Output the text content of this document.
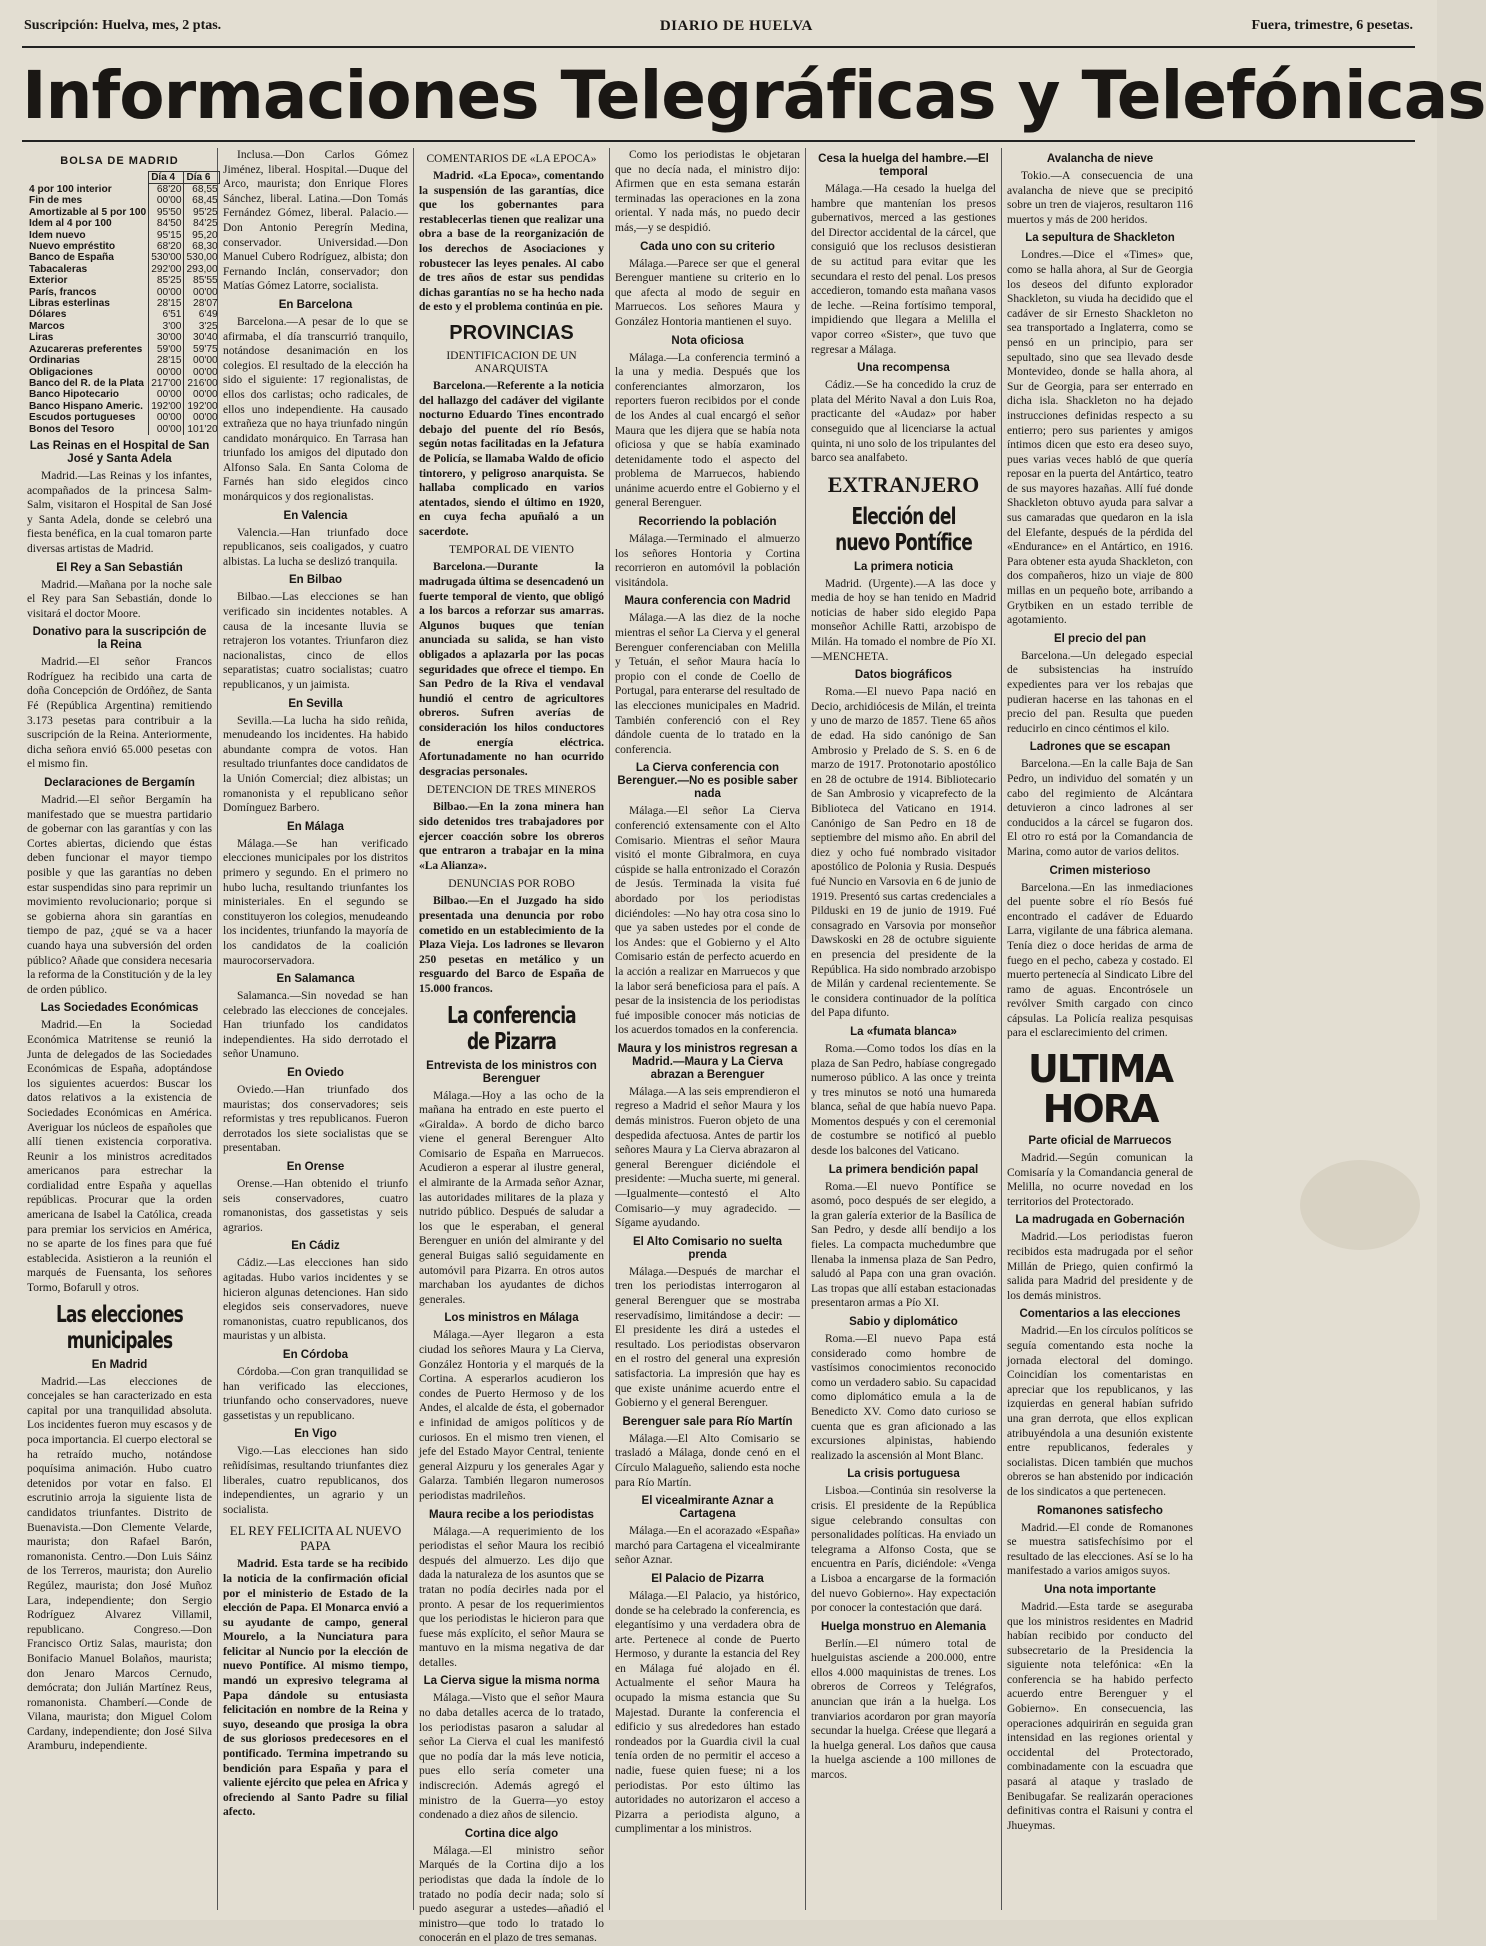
Suscripción: Huelva, mes, 2 ptas.	DIARIO DE HUELVA	Fuera, trimestre, 6 pesetas.
Informaciones Telegráficas y Telefónicas
BOLSA DE MADRID
	Día 4	Día 6
4 por 100 interior	68'20	68,55
Fin de mes	00'00	68,45
Amortizable al 5 por 100	95'50	95'25
Idem al 4 por 100	84'50	84'25
Idem nuevo	95'15	95,20
Nuevo empréstito	68'20	68,30
Banco de España	530'00	530,00
Tabacaleras	292'00	293,00
Exterior	85'25	85'55
París, francos	00'00	00'00
Libras esterlinas	28'15	28'07
Dólares	6'51	6'49
Marcos	3'00	3'25
Liras	30'00	30'40
Azucareras preferentes	59'00	59'75
Ordinarias	28'15	00'00
Obligaciones	00'00	00'00
Banco del R. de la Plata	217'00	216'00
Banco Hipotecario	00'00	00'00
Banco Hispano Americ.	192'00	192'00
Escudos portugueses	00'00	00'00
Bonos del Tesoro	00'00	101'20
Las Reinas en el Hospital de San José y Santa Adela

Madrid.—Las Reinas y los infantes, acompañados de la princesa Salm-Salm, visitaron el Hospital de San José y Santa Adela, donde se celebró una fiesta benéfica, en la cual tomaron parte diversas artistas de Madrid.

El Rey a San Sebastián

Madrid.—Mañana por la noche sale el Rey para San Sebastián, donde lo visitará el doctor Moore.

Donativo para la suscripción de la Reina

Madrid.—El señor Francos Rodríguez ha recibido una carta de doña Concepción de Ordóñez, de Santa Fé (República Argentina) remitiendo 3.173 pesetas para contribuir a la suscripción de la Reina. Anteriormente, dicha señora envió 65.000 pesetas con el mismo fin.

Declaraciones de Bergamín

Madrid.—El señor Bergamín ha manifestado que se muestra partidario de gobernar con las garantías y con las Cortes abiertas, diciendo que éstas deben funcionar el mayor tiempo posible y que las garantías no deben estar suspendidas sino para reprimir un movimiento revolucionario; porque si se gobierna ahora sin garantías en tiempo de paz, ¿qué se va a hacer cuando haya una subversión del orden público? Añade que considera necesaria la reforma de la Constitución y de la ley de orden público.

Las Sociedades Económicas

Madrid.—En la Sociedad Económica Matritense se reunió la Junta de delegados de las Sociedades Económicas de España, adoptándose los siguientes acuerdos: Buscar los datos relativos a la existencia de Sociedades Económicas en América. Averiguar los núcleos de españoles que allí tienen existencia corporativa. Reunir a los ministros acreditados americanos para estrechar la cordialidad entre España y aquellas repúblicas. Procurar que la orden americana de Isabel la Católica, creada para premiar los servicios en América, no se aparte de los fines para que fué establecida. Asistieron a la reunión el marqués de Fuensanta, los señores Tormo, Bofarull y otros.

Las elecciones municipales
En Madrid

Madrid.—Las elecciones de concejales se han caracterizado en esta capital por una tranquilidad absoluta. Los incidentes fueron muy escasos y de poca importancia. El cuerpo electoral se ha retraído mucho, notándose poquísima animación. Hubo cuatro detenidos por votar en falso. El escrutinio arroja la siguiente lista de candidatos triunfantes. Distrito de Buenavista.—Don Clemente Velarde, maurista; don Rafael Barón, romanonista. Centro.—Don Luis Sáinz de los Terreros, maurista; don Aurelio Regúlez, maurista; don José Muñoz Lara, independiente; don Sergio Rodríguez Alvarez Villamil, republicano. Congreso.—Don Francisco Ortiz Salas, maurista; don Bonifacio Manuel Bolaños, maurista; don Jenaro Marcos Cernudo, demócrata; don Julián Martínez Reus, romanonista. Chamberí.—Conde de Vilana, maurista; don Miguel Colom Cardany, independiente; don José Silva Aramburu, independiente.

Inclusa.—Don Carlos Gómez Jiménez, liberal. Hospital.—Duque del Arco, maurista; don Enrique Flores Sánchez, liberal. Latina.—Don Tomás Fernández Gómez, liberal. Palacio.—Don Antonio Peregrín Medina, conservador. Universidad.—Don Manuel Cubero Rodríguez, albista; don Fernando Inclán, conservador; don Matías Gómez Latorre, socialista.

En Barcelona

Barcelona.—A pesar de lo que se afirmaba, el día transcurrió tranquilo, notándose desanimación en los colegios. El resultado de la elección ha sido el siguiente: 17 regionalistas, de ellos dos carlistas; ocho radicales, de ellos uno independiente. Ha causado extrañeza que no haya triunfado ningún candidato monárquico. En Tarrasa han triunfado los amigos del diputado don Alfonso Sala. En Santa Coloma de Farnés han sido elegidos cinco monárquicos y dos regionalistas.

En Valencia

Valencia.—Han triunfado doce republicanos, seis coaligados, y cuatro albistas. La lucha se deslizó tranquila.

En Bilbao

Bilbao.—Las elecciones se han verificado sin incidentes notables. A causa de la incesante lluvia se retrajeron los votantes. Triunfaron diez nacionalistas, cinco de ellos separatistas; cuatro socialistas; cuatro republicanos, y un jaimista.

En Sevilla

Sevilla.—La lucha ha sido reñida, menudeando los incidentes. Ha habido abundante compra de votos. Han resultado triunfantes doce candidatos de la Unión Comercial; diez albistas; un romanonista y el republicano señor Domínguez Barbero.

En Málaga

Málaga.—Se han verificado elecciones municipales por los distritos primero y segundo. En el primero no hubo lucha, resultando triunfantes los ministeriales. En el segundo se constituyeron los colegios, menudeando los incidentes, triunfando la mayoría de los candidatos de la coalición maurocorservadora.

En Salamanca

Salamanca.—Sin novedad se han celebrado las elecciones de concejales. Han triunfado los candidatos independientes. Ha sido derrotado el señor Unamuno.

En Oviedo

Oviedo.—Han triunfado dos mauristas; dos conservadores; seis reformistas y tres republicanos. Fueron derrotados los siete socialistas que se presentaban.

En Orense

Orense.—Han obtenido el triunfo seis conservadores, cuatro romanonistas, dos gassetistas y seis agrarios.

En Cádiz

Cádiz.—Las elecciones han sido agitadas. Hubo varios incidentes y se hicieron algunas detenciones. Han sido elegidos seis conservadores, nueve romanonistas, cuatro republicanos, dos mauristas y un albista.

En Córdoba

Córdoba.—Con gran tranquilidad se han verificado las elecciones, triunfando ocho conservadores, nueve gassetistas y un republicano.

En Vigo

Vigo.—Las elecciones han sido reñidísimas, resultando triunfantes diez liberales, cuatro republicanos, dos independientes, un agrario y un socialista.

EL REY FELICITA AL NUEVO PAPA

Madrid. Esta tarde se ha recibido la noticia de la confirmación oficial por el ministerio de Estado de la elección de Papa. El Monarca envió a su ayudante de campo, general Mourelo, a la Nunciatura para felicitar al Nuncio por la elección de nuevo Pontífice. Al mismo tiempo, mandó un expresivo telegrama al Papa dándole su entusiasta felicitación en nombre de la Reina y suyo, deseando que prosiga la obra de sus gloriosos predecesores en el pontificado. Termina impetrando su bendición para España y para el valiente ejército que pelea en Africa y ofreciendo al Santo Padre su filial afecto.

COMENTARIOS DE «LA EPOCA»

Madrid. «La Epoca», comentando la suspensión de las garantías, dice que los gobernantes para restablecerlas tienen que realizar una obra a base de la reorganización de los derechos de Asociaciones y robustecer las leyes penales. Al cabo de tres años de estar sus pendidas dichas garantías no se ha hecho nada de esto y el problema continúa en pie.

PROVINCIAS
IDENTIFICACION DE UN ANARQUISTA

Barcelona.—Referente a la noticia del hallazgo del cadáver del vigilante nocturno Eduardo Tines encontrado debajo del puente del río Besós, según notas facilitadas en la Jefatura de Policía, se llamaba Waldo de oficio tintorero, y peligroso anarquista. Se hallaba complicado en varios atentados, siendo el último en 1920, en cuya fecha apuñaló a un sacerdote.

TEMPORAL DE VIENTO

Barcelona.—Durante la madrugada última se desencadenó un fuerte temporal de viento, que obligó a los barcos a reforzar sus amarras. Algunos buques que tenían anunciada su salida, se han visto obligados a aplazarla por las pocas seguridades que ofrece el tiempo. En San Pedro de la Riva el vendaval hundió el centro de agricultores obreros. Sufren averías de consideración los hilos conductores de energía eléctrica. Afortunadamente no han ocurrido desgracias personales.

DETENCION DE TRES MINEROS

Bilbao.—En la zona minera han sido detenidos tres trabajadores por ejercer coacción sobre los obreros que entraron a trabajar en la mina «La Alianza».

DENUNCIAS POR ROBO

Bilbao.—En el Juzgado ha sido presentada una denuncia por robo cometido en un establecimiento de la Plaza Vieja. Los ladrones se llevaron 250 pesetas en metálico y un resguardo del Barco de España de 15.000 francos.

La conferencia de Pizarra
Entrevista de los ministros con Berenguer

Málaga.—Hoy a las ocho de la mañana ha entrado en este puerto el «Giralda». A bordo de dicho barco viene el general Berenguer Alto Comisario de España en Marruecos. Acudieron a esperar al ilustre general, el almirante de la Armada señor Aznar, las autoridades militares de la plaza y nutrido público. Después de saludar a los que le esperaban, el general Berenguer en unión del almirante y del general Buigas salió seguidamente en automóvil para Pizarra. En otros autos marchaban los ayudantes de dichos generales.

Los ministros en Málaga

Málaga.—Ayer llegaron a esta ciudad los señores Maura y La Cierva, González Hontoria y el marqués de la Cortina. A esperarlos acudieron los condes de Puerto Hermoso y de los Andes, el alcalde de ésta, el gobernador e infinidad de amigos políticos y de curiosos. En el mismo tren vienen, el jefe del Estado Mayor Central, teniente general Aizpuru y los generales Agar y Galarza. También llegaron numerosos periodistas madrileños.

Maura recibe a los periodistas

Málaga.—A requerimiento de los periodistas el señor Maura los recibió después del almuerzo. Les dijo que dada la naturaleza de los asuntos que se tratan no podía decirles nada por el pronto. A pesar de los requerimientos que los periodistas le hicieron para que fuese más explícito, el señor Maura se mantuvo en la misma negativa de dar detalles.

La Cierva sigue la misma norma

Málaga.—Visto que el señor Maura no daba detalles acerca de lo tratado, los periodistas pasaron a saludar al señor La Cierva el cual les manifestó que no podía dar la más leve noticia, pues ello sería cometer una indiscreción. Además agregó el ministro de la Guerra—yo estoy condenado a diez años de silencio.

Cortina dice algo

Málaga.—El ministro señor Marqués de la Cortina dijo a los periodistas que dada la índole de lo tratado no podía decir nada; solo sí puedo asegurar a ustedes—añadió el ministro—que todo lo tratado lo conocerán en el plazo de tres semanas.

Como los periodistas le objetaran que no decía nada, el ministro dijo: Afirmen que en esta semana estarán terminadas las operaciones en la zona oriental. Y nada más, no puedo decir más,—y se despidió.

Cada uno con su criterio

Málaga.—Parece ser que el general Berenguer mantiene su criterio en lo que afecta al modo de seguir en Marruecos. Los señores Maura y González Hontoria mantienen el suyo.

Nota oficiosa

Málaga.—La conferencia terminó a la una y media. Después que los conferenciantes almorzaron, los reporters fueron recibidos por el conde de los Andes al cual encargó el señor Maura que les dijera que se había nota oficiosa y que se había examinado detenidamente todo el aspecto del problema de Marruecos, habiendo unánime acuerdo entre el Gobierno y el general Berenguer.

Recorriendo la población

Málaga.—Terminado el almuerzo los señores Hontoria y Cortina recorrieron en automóvil la población visitándola.

Maura conferencia con Madrid

Málaga.—A las diez de la noche mientras el señor La Cierva y el general Berenguer conferenciaban con Melilla y Tetuán, el señor Maura hacía lo propio con el conde de Coello de Portugal, para enterarse del resultado de las elecciones municipales en Madrid. También conferenció con el Rey dándole cuenta de lo tratado en la conferencia.

La Cierva conferencia con Berenguer.—No es posible saber nada

Málaga.—El señor La Cierva conferenció extensamente con el Alto Comisario. Mientras el señor Maura visitó el monte Gibralmora, en cuya cúspide se halla entronizado el Corazón de Jesús. Terminada la visita fué abordado por los periodistas diciéndoles: —No hay otra cosa sino lo que ya saben ustedes por el conde de los Andes: que el Gobierno y el Alto Comisario están de perfecto acuerdo en la acción a realizar en Marruecos y que la labor será beneficiosa para el país. A pesar de la insistencia de los periodistas fué imposible conocer más noticias de los acuerdos tomados en la conferencia.

Maura y los ministros regresan a Madrid.—Maura y La Cierva abrazan a Berenguer

Málaga.—A las seis emprendieron el regreso a Madrid el señor Maura y los demás ministros. Fueron objeto de una despedida afectuosa. Antes de partir los señores Maura y La Cierva abrazaron al general Berenguer diciéndole el presidente: —Mucha suerte, mi general. —Igualmente—contestó el Alto Comisario—y muy agradecido. —Sígame ayudando.

El Alto Comisario no suelta prenda

Málaga.—Después de marchar el tren los periodistas interrogaron al general Berenguer que se mostraba reservadísimo, limitándose a decir: —El presidente les dirá a ustedes el resultado. Los periodistas observaron en el rostro del general una expresión satisfactoria. La impresión que hay es que existe unánime acuerdo entre el Gobierno y el general Berenguer.

Berenguer sale para Río Martín

Málaga.—El Alto Comisario se trasladó a Málaga, donde cenó en el Círculo Malagueño, saliendo esta noche para Río Martín.

El vicealmirante Aznar a Cartagena

Málaga.—En el acorazado «España» marchó para Cartagena el vicealmirante señor Aznar.

El Palacio de Pizarra

Málaga.—El Palacio, ya histórico, donde se ha celebrado la conferencia, es elegantísimo y una verdadera obra de arte. Pertenece al conde de Puerto Hermoso, y durante la estancia del Rey en Málaga fué alojado en él. Actualmente el señor Maura ha ocupado la misma estancia que Su Majestad. Durante la conferencia el edificio y sus alrededores han estado rondeados por la Guardia civil la cual tenía orden de no permitir el acceso a nadie, fuese quien fuese; ni a los periodistas. Por esto último las autoridades no autorizaron el acceso a Pizarra a periodista alguno, a cumplimentar a los ministros.

Cesa la huelga del hambre.—El temporal

Málaga.—Ha cesado la huelga del hambre que mantenían los presos gubernativos, merced a las gestiones del Director accidental de la cárcel, que consiguió que los reclusos desistieran de su actitud para evitar que les secundara el resto del penal. Los presos accedieron, tomando esta mañana vasos de leche. —Reina fortísimo temporal, impidiendo que llegara a Melilla el vapor correo «Sister», que tuvo que regresar a Málaga.

Una recompensa

Cádiz.—Se ha concedido la cruz de plata del Mérito Naval a don Luis Roa, practicante del «Audaz» por haber conseguido que al licenciarse la actual quinta, ni uno solo de los tripulantes del barco sea analfabeto.

EXTRANJERO
Elección del nuevo Pontífice
La primera noticia

Madrid. (Urgente).—A las doce y media de hoy se han tenido en Madrid noticias de haber sido elegido Papa monseñor Achille Ratti, arzobispo de Milán. Ha tomado el nombre de Pío XI.—MENCHETA.

Datos biográficos

Roma.—El nuevo Papa nació en Decio, archidiócesis de Milán, el treinta y uno de marzo de 1857. Tiene 65 años de edad. Ha sido canónigo de San Ambrosio y Prelado de S. S. en 6 de marzo de 1917. Protonotario apostólico en 28 de octubre de 1914. Bibliotecario de San Ambrosio y vicaprefecto de la Biblioteca del Vaticano en 1914. Canónigo de San Pedro en 18 de septiembre del mismo año. En abril del diez y ocho fué nombrado visitador apostólico de Polonia y Rusia. Después fué Nuncio en Varsovia en 6 de junio de 1919. Presentó sus cartas credenciales a Pilduski en 19 de junio de 1919. Fué consagrado en Varsovia por monseñor Dawskoski en 28 de octubre siguiente en presencia del presidente de la República. Ha sido nombrado arzobispo de Milán y cardenal recientemente. Se le considera continuador de la política del Papa difunto.

La «fumata blanca»

Roma.—Como todos los días en la plaza de San Pedro, habíase congregado numeroso público. A las once y treinta y tres minutos se notó una humareda blanca, señal de que había nuevo Papa. Momentos después y con el ceremonial de costumbre se notificó al pueblo desde los balcones del Vaticano.

La primera bendición papal

Roma.—El nuevo Pontífice se asomó, poco después de ser elegido, a la gran galería exterior de la Basílica de San Pedro, y desde allí bendijo a los fieles. La compacta muchedumbre que llenaba la inmensa plaza de San Pedro, saludó al Papa con una gran ovación. Las tropas que allí estaban estacionadas presentaron armas a Pío XI.

Sabio y diplomático

Roma.—El nuevo Papa está considerado como hombre de vastísimos conocimientos reconocido como un verdadero sabio. Su capacidad como diplomático emula a la de Benedicto XV. Como dato curioso se cuenta que es gran aficionado a las excursiones alpinistas, habiendo realizado la ascensión al Mont Blanc.

La crisis portuguesa

Lisboa.—Continúa sin resolverse la crisis. El presidente de la República sigue celebrando consultas con personalidades políticas. Ha enviado un telegrama a Alfonso Costa, que se encuentra en París, diciéndole: «Venga a Lisboa a encargarse de la formación del nuevo Gobierno». Hay expectación por conocer la contestación que dará.

Huelga monstruo en Alemania

Berlín.—El número total de huelguistas asciende a 200.000, entre ellos 4.000 maquinistas de trenes. Los obreros de Correos y Telégrafos, anuncian que irán a la huelga. Los tranviarios acordaron por gran mayoría secundar la huelga. Créese que llegará a la huelga general. Los daños que causa la huelga asciende a 100 millones de marcos.

Avalancha de nieve

Tokio.—A consecuencia de una avalancha de nieve que se precipitó sobre un tren de viajeros, resultaron 116 muertos y más de 200 heridos.

La sepultura de Shackleton

Londres.—Dice el «Times» que, como se halla ahora, al Sur de Georgia los deseos del difunto explorador Shackleton, su viuda ha decidido que el cadáver de sir Ernesto Shackleton no sea transportado a Inglaterra, como se pensó en un principio, para ser sepultado, sino que sea llevado desde Montevideo, donde se halla ahora, al Sur de Georgia, para ser enterrado en dicha isla. Shackleton no ha dejado instrucciones definidas respecto a su entierro; pero sus parientes y amigos íntimos dicen que esto era deseo suyo, pues varias veces habló de que quería reposar en la puerta del Antártico, teatro de sus mayores hazañas. Allí fué donde Shackleton obtuvo ayuda para salvar a sus camaradas que quedaron en la isla del Elefante, después de la pérdida del «Endurance» en el Antártico, en 1916. Para obtener esta ayuda Shackleton, con dos compañeros, hizo un viaje de 800 millas en un pequeño bote, arribando a Grytbiken en un estado terrible de agotamiento.

El precio del pan

Barcelona.—Un delegado especial de subsistencias ha instruído expedientes para ver los rebajas que pudieran hacerse en las tahonas en el precio del pan. Resulta que pueden reducirlo en cinco céntimos el kilo.

Ladrones que se escapan

Barcelona.—En la calle Baja de San Pedro, un individuo del somatén y un cabo del regimiento de Alcántara detuvieron a cinco ladrones al ser conducidos a la cárcel se fugaron dos. El otro ro está por la Comandancia de Marina, como autor de varios delitos.

Crimen misterioso

Barcelona.—En las inmediaciones del puente sobre el río Besós fué encontrado el cadáver de Eduardo Larra, vigilante de una fábrica alemana. Tenía diez o doce heridas de arma de fuego en el pecho, cabeza y costado. El muerto pertenecía al Sindicato Libre del ramo de aguas. Encontrósele un revólver Smith cargado con cinco cápsulas. La Policía realiza pesquisas para el esclarecimiento del crimen.

ULTIMA HORA
Parte oficial de Marruecos

Madrid.—Según comunican la Comisaría y la Comandancia general de Melilla, no ocurre novedad en los territorios del Protectorado.

La madrugada en Gobernación

Madrid.—Los periodistas fueron recibidos esta madrugada por el señor Millán de Priego, quien confirmó la salida para Madrid del presidente y de los demás ministros.

Comentarios a las elecciones

Madrid.—En los círculos políticos se seguía comentando esta noche la jornada electoral del domingo. Coincidían los comentaristas en apreciar que los republicanos, y las izquierdas en general habían sufrido una gran derrota, que ellos explican atribuyéndola a una desunión existente entre republicanos, federales y socialistas. Dicen también que muchos obreros se han abstenido por indicación de los sindicatos a que pertenecen.

Romanones satisfecho

Madrid.—El conde de Romanones se muestra satisfechísimo por el resultado de las elecciones. Así se lo ha manifestado a varios amigos suyos.

Una nota importante

Madrid.—Esta tarde se aseguraba que los ministros residentes en Madrid habían recibido por conducto del subsecretario de la Presidencia la siguiente nota telefónica: «En la conferencia se ha habido perfecto acuerdo entre Berenguer y el Gobierno». En consecuencia, las operaciones adquirirán en seguida gran intensidad en las regiones oriental y occidental del Protectorado, combinadamente con la escuadra que pasará al ataque y traslado de Benibugafar. Se realizarán operaciones definitivas contra el Raisuni y contra el Jhueymas.
